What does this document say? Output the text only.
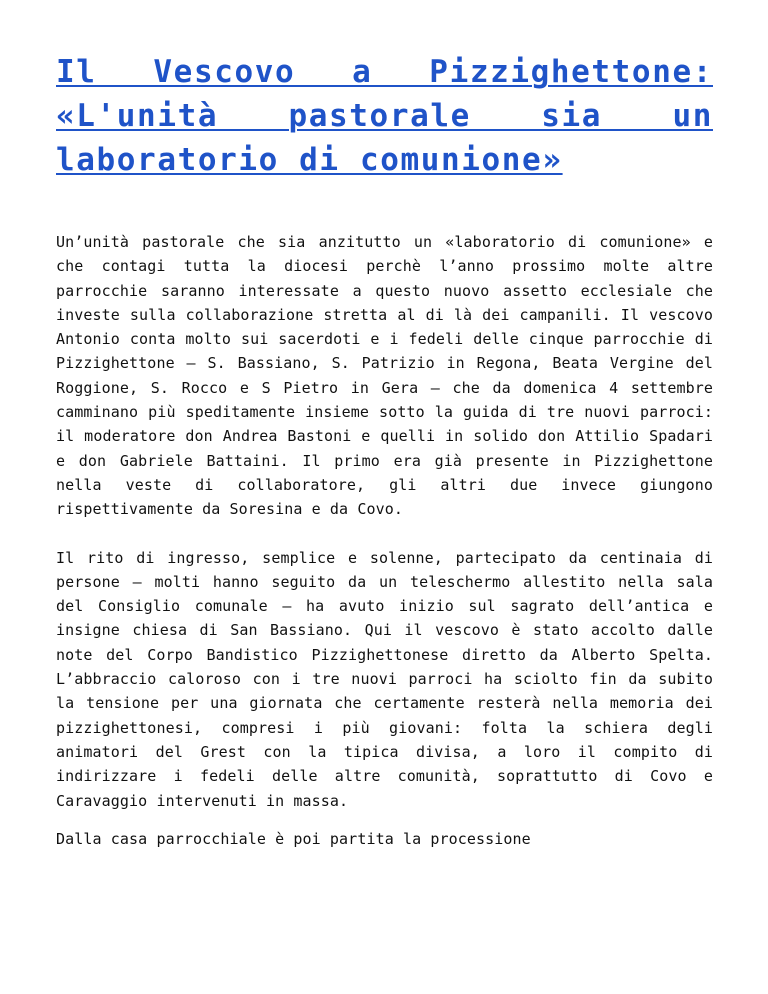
Il Vescovo a Pizzighettone: «L'unità pastorale sia un laboratorio di comunione»

Un’unità pastorale che sia anzitutto un «laboratorio di comunione» e che contagi tutta la diocesi perchè l’anno prossimo molte altre parrocchie saranno interessate a questo nuovo assetto ecclesiale che investe sulla collaborazione stretta al di là dei campanili. Il vescovo Antonio conta molto sui sacerdoti e i fedeli delle cinque parrocchie di Pizzighettone – S. Bassiano, S. Patrizio in Regona, Beata Vergine del Roggione, S. Rocco e S Pietro in Gera – che da domenica 4 settembre camminano più speditamente insieme sotto la guida di tre nuovi parroci: il moderatore don Andrea Bastoni e quelli in solido don Attilio Spadari e don Gabriele Battaini. Il primo era già presente in Pizzighettone nella veste di collaboratore, gli altri due invece giungono rispettivamente da Soresina e da Covo.

Il rito di ingresso, semplice e solenne, partecipato da centinaia di persone – molti hanno seguito da un teleschermo allestito nella sala del Consiglio comunale – ha avuto inizio sul sagrato dell’antica e insigne chiesa di San Bassiano. Qui il vescovo è stato accolto dalle note del Corpo Bandistico Pizzighettonese diretto da Alberto Spelta. L’abbraccio caloroso con i tre nuovi parroci ha sciolto fin da subito la tensione per una giornata che certamente resterà nella memoria dei pizzighettonesi, compresi i più giovani: folta la schiera degli animatori del Grest con la tipica divisa, a loro il compito di indirizzare i fedeli delle altre comunità, soprattutto di Covo e Caravaggio intervenuti in massa.

Dalla casa parrocchiale è poi partita la processione
